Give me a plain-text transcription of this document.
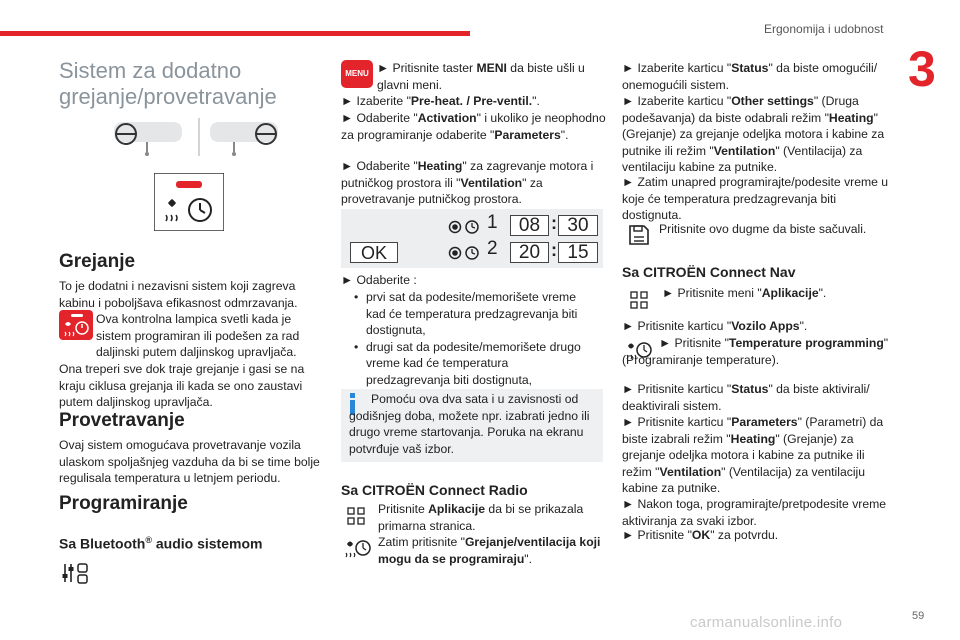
Ergonomija i udobnost
3
Sistem za dodatno grejanje/provetravanje
Grejanje
To je dodatni i nezavisni sistem koji zagreva kabinu i poboljšava efikasnost odmrzavanja.
Ova kontrolna lampica svetli kada je sistem programiran ili podešen za rad daljinski putem daljinskog upravljača.
Ona treperi sve dok traje grejanje i gasi se na kraju ciklusa grejanja ili kada se ono zaustavi putem daljinskog upravljača.
Provetravanje
Ovaj sistem omogućava provetravanje vozila ulaskom spoljašnjeg vazduha da bi se time bolje regulisala temperatura u letnjem periodu.
Programiranje
Sa Bluetooth® audio sistemom
MENU ► Pritisnite taster MENI da biste ušli u glavni meni.
► Izaberite "Pre-heat. / Pre-ventil.".
► Odaberite "Activation" i ukoliko je neophodno za programiranje odaberite "Parameters".
► Odaberite "Heating" za zagrevanje motora i putničkog prostora ili "Ventilation" za provetravanje putničkog prostora.
OK
1	08 : 30
2	20 : 15
► Odaberite :
• prvi sat da podesite/memorišete vreme kad će temperatura predzagrevanja biti dostignuta,
• drugi sat da podesite/memorišete drugo vreme kad će temperatura predzagrevanja biti dostignuta,
Pomoću ova dva sata i u zavisnosti od godišnjeg doba, možete npr. izabrati jedno ili drugo vreme startovanja. Poruka na ekranu potvrđuje vaš izbor.
Sa CITROËN Connect Radio
Pritisnite Aplikacije da bi se prikazala primarna stranica.
Zatim pritisnite "Grejanje/ventilacija koji mogu da se programiraju".
► Izaberite karticu "Status" da biste omogućili/ onemogućili sistem.
► Izaberite karticu "Other settings" (Druga podešavanja) da biste odabrali režim "Heating" (Grejanje) za grejanje odeljka motora i kabine za putnike ili režim "Ventilation" (Ventilacija) za ventilaciju kabine za putnike.
► Zatim unapred programirajte/podesite vreme u koje će temperatura predzagrevanja biti dostignuta.
Pritisnite ovo dugme da biste sačuvali.
Sa CITROËN Connect Nav
► Pritisnite meni "Aplikacije".
► Pritisnite karticu "Vozilo Apps".
► Pritisnite "Temperature programming" (Programiranje temperature).
► Pritisnite karticu "Status" da biste aktivirali/ deaktivirali sistem.
► Pritisnite karticu "Parameters" (Parametri) da biste izabrali režim "Heating" (Grejanje) za grejanje odeljka motora i kabine za putnike ili režim "Ventilation" (Ventilacija) za ventilaciju kabine za putnike.
► Nakon toga, programirajte/pretpodesite vreme aktiviranja za svaki izbor.
► Pritisnite "OK" za potvrdu.
carmanualsonline.info	59
